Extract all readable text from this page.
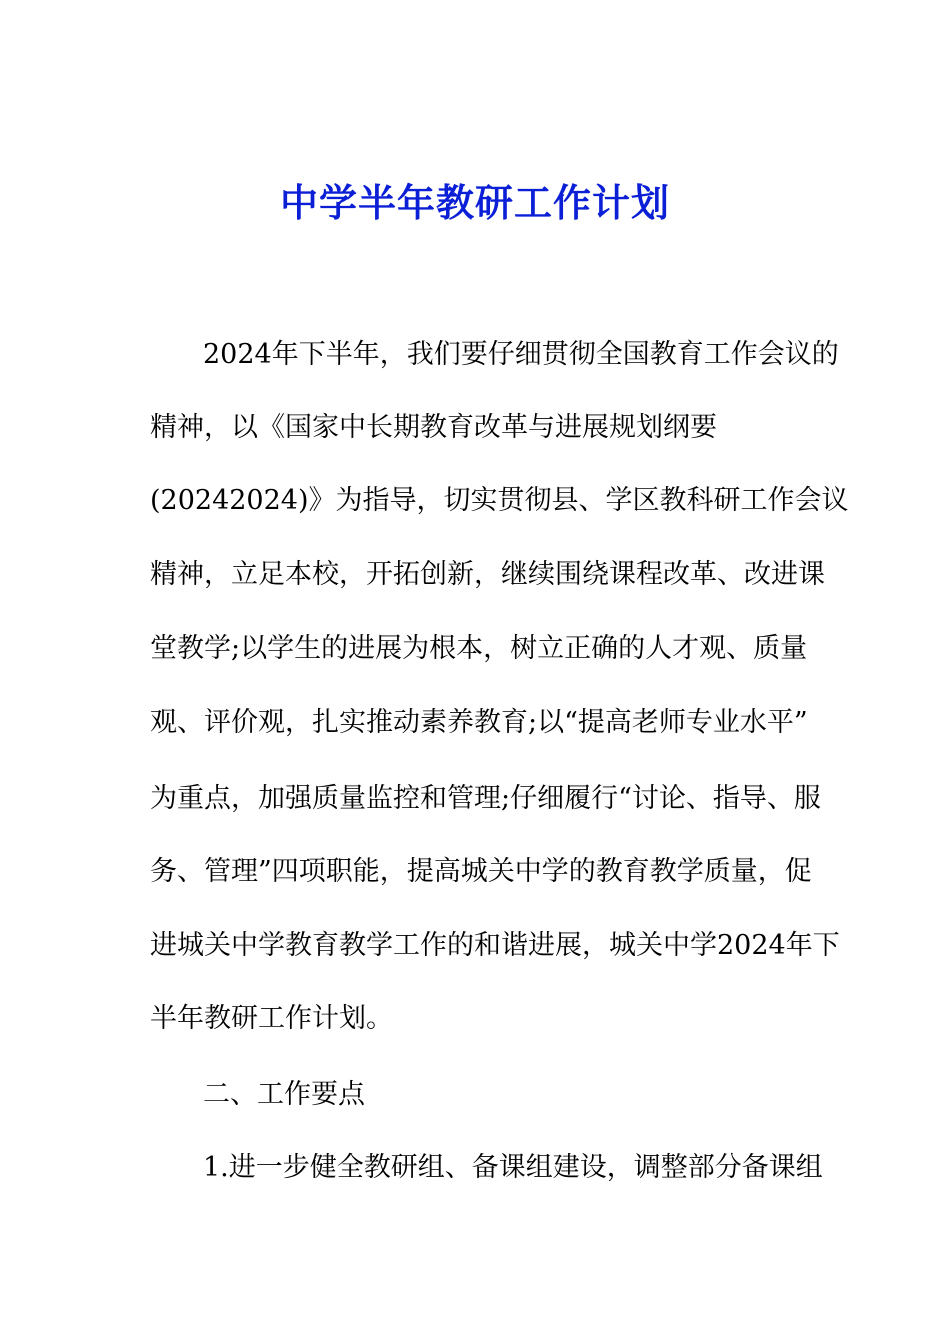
中学半年教研工作计划

2024年下半年，我们要仔细贯彻全国教育工作会议的

精神，以《国家中长期教育改革与进展规划纲要

(20242024)》为指导，切实贯彻县、学区教科研工作会议

精神，立足本校，开拓创新，继续围绕课程改革、改进课

堂教学;以学生的进展为根本，树立正确的人才观、质量

观、评价观，扎实推动素养教育;以“提高老师专业水平”

为重点，加强质量监控和管理;仔细履行“讨论、指导、服

务、管理”四项职能，提高城关中学的教育教学质量，促

进城关中学教育教学工作的和谐进展，城关中学2024年下

半年教研工作计划。

二、工作要点

1.进一步健全教研组、备课组建设，调整部分备课组
